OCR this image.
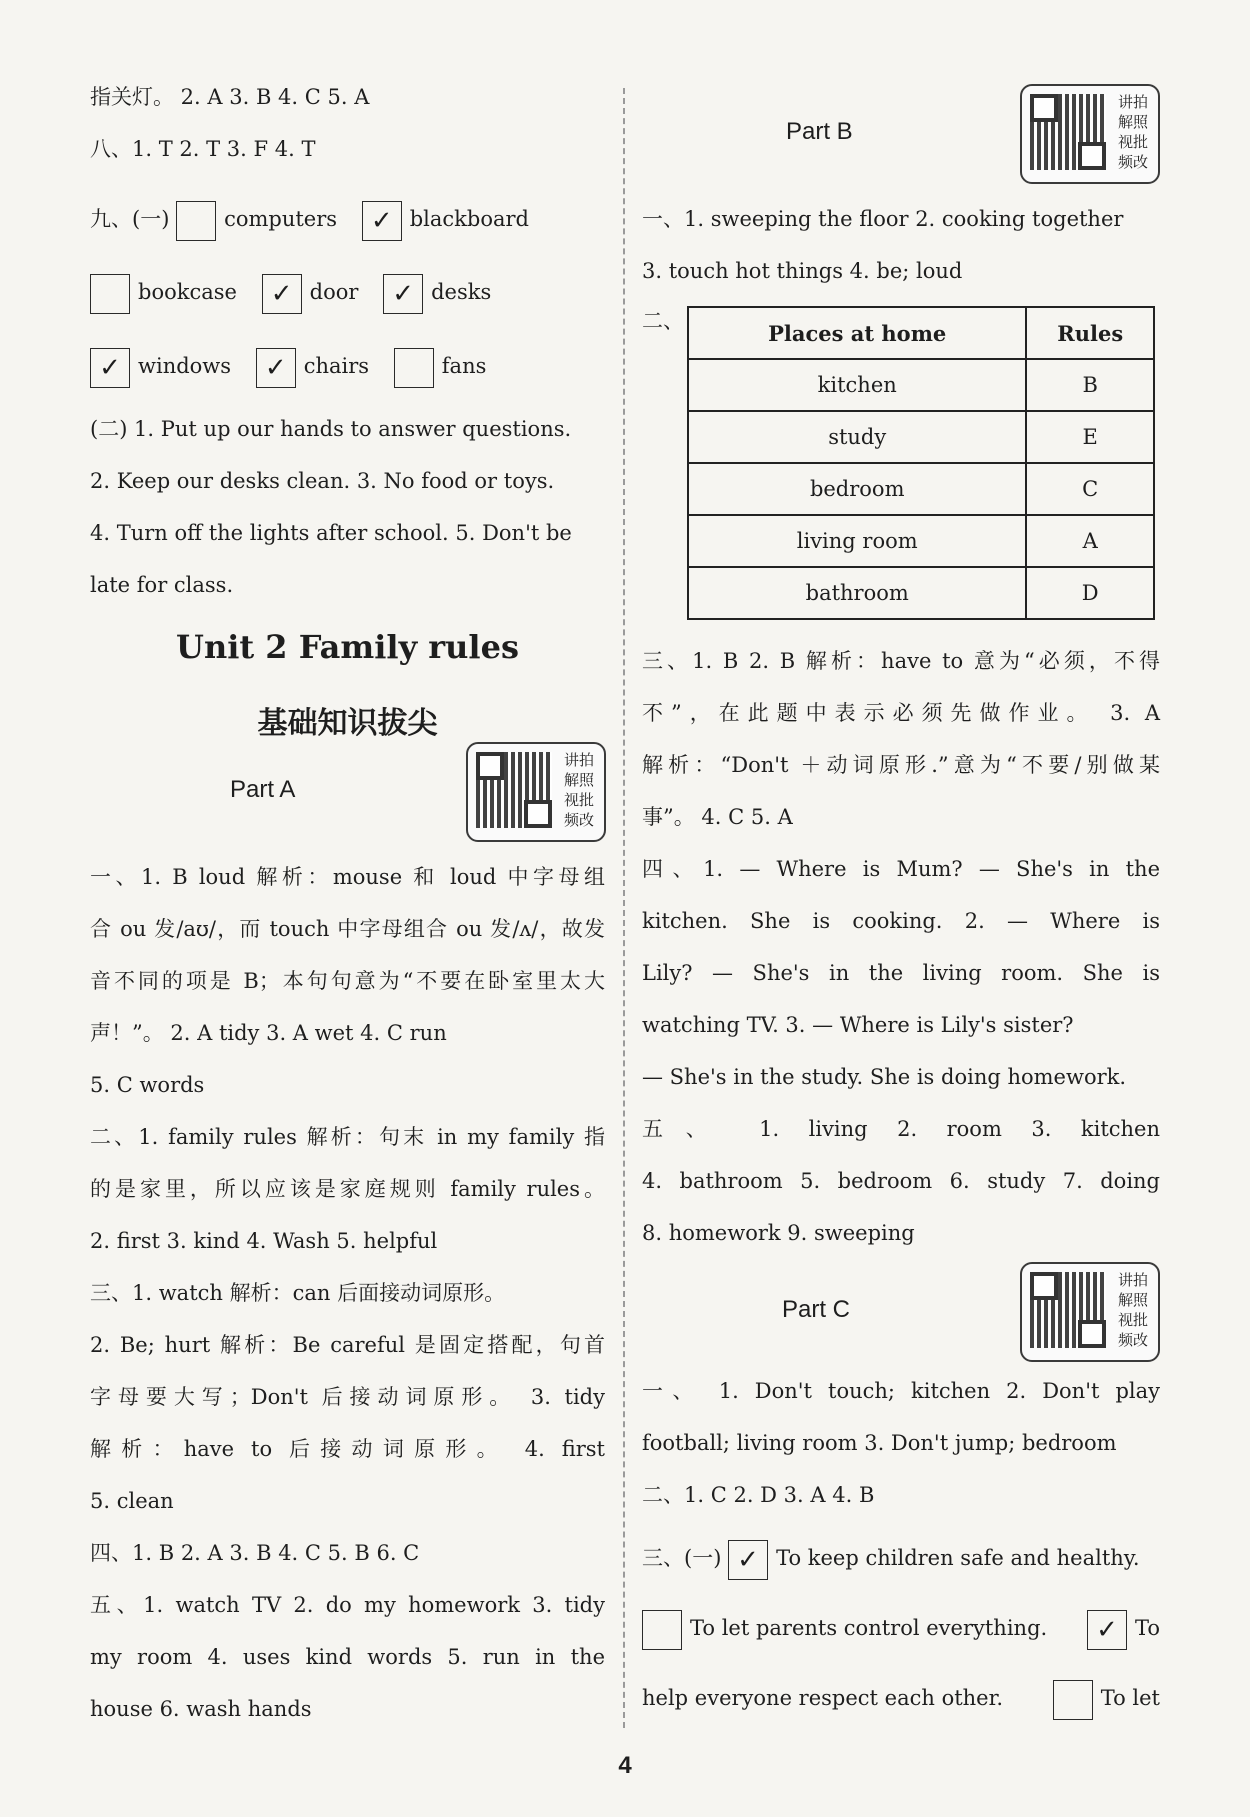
指关灯。 2. A 3. B 4. C 5. A
八、1. T 2. T 3. F 4. T
九、(一)	computers ✓ blackboard
bookcase ✓ door ✓ desks
✓ windows ✓ chairs	fans
(二) 1. Put up our hands to answer questions.
2. Keep our desks clean. 3. No food or toys.
4. Turn off the lights after school. 5. Don't be
late for class.
Unit 2 Family rules
基础知识拔尖
Part A
讲拍解照视批频改
一、1. B loud 解析：mouse 和 loud 中字母组
合 ou 发/aʊ/，而 touch 中字母组合 ou 发/ʌ/，故发
音不同的项是 B；本句句意为“不要在卧室里太大
声！”。 2. A tidy 3. A wet 4. C run
5. C words
二、1. family rules 解析：句末 in my family 指
的是家里，所以应该是家庭规则 family rules。
2. first 3. kind 4. Wash 5. helpful
三、1. watch 解析：can 后面接动词原形。
2. Be; hurt 解析：Be careful 是固定搭配，句首
字母要大写；Don't 后接动词原形。 3. tidy
解析：have to 后接动词原形。 4. first
5. clean
四、1. B 2. A 3. B 4. C 5. B 6. C
五、1. watch TV 2. do my homework 3. tidy
my room 4. uses kind words 5. run in the
house 6. wash hands
Part B
讲拍解照视批频改
一、1. sweeping the floor 2. cooking together
3. touch hot things 4. be; loud
二、	Places at home	Rules
kitchen	B
study	E
bedroom	C
living room	A
bathroom	D
三、1. B 2. B 解析：have to 意为“必须，不得
不”，在此题中表示必须先做作业。 3. A
解析：“Don't ＋动词原形.”意为“不要/别做某
事”。 4. C 5. A
四、1. — Where is Mum? — She's in the
kitchen. She is cooking. 2. — Where is
Lily? — She's in the living room. She is
watching TV. 3. — Where is Lily's sister?
— She's in the study. She is doing homework.
五、 1. living 2. room 3. kitchen
4. bathroom 5. bedroom 6. study 7. doing
8. homework 9. sweeping
Part C
讲拍解照视批频改
一、 1. Don't touch; kitchen 2. Don't play
football; living room 3. Don't jump; bedroom
二、1. C 2. D 3. A 4. B
三、(一) ✓ To keep children safe and healthy.
To let parents control everything.	✓ To
help everyone respect each other.	To let
4
